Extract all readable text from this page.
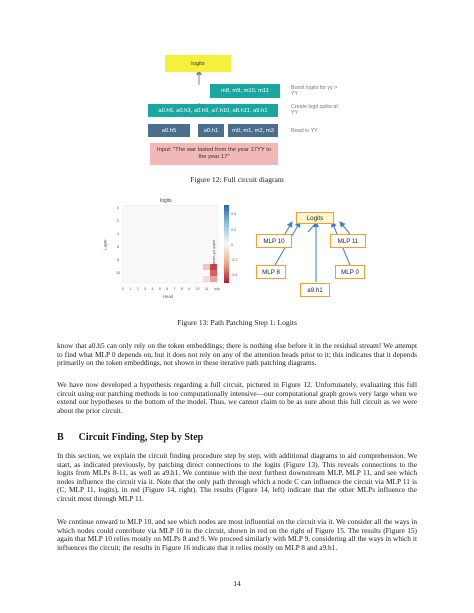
logits
m8, m9, m10, m11
a0.h5, a0.h3, a0.h9, a7.h10, a8.h11, a9.h1
a0.h5	a0.h1	m0, m1, m2, m3
Input: "The war lasted from the year 17YY to the year 17"
Boost logits for yy > YY
Create logit spike at YY
Read in YY
Figure 12: Full circuit diagram
logits
Layer
0
2
4
6
8
10
0 1 2 3 4 5 6 7 8 9 10 11 mlp
Head
0.4
0.2
0
-0.2
-0.4
patch diff variation
Logits
MLP 10	MLP 11
MLP 8	MLP 0
a9.h1
Figure 13: Path Patching Step 1: Logits

know that a0.h5 can only rely on the token embeddings; there is nothing else before it in the residual stream! We attempt to find what MLP 0 depends on, but it does not rely on any of the attention heads prior to it; this indicates that it depends primarily on the token embeddings, not shown in these iterative path patching diagrams.

We have now developed a hypothesis regarding a full circuit, pictured in Figure 12. Unfortunately, evaluating this full circuit using our patching methods is too computationally intensive—our computational graph grows very large when we extend our hypotheses to the bottom of the model. Thus, we cannot claim to be as sure about this full circuit as we were about the prior circuit.

B Circuit Finding, Step by Step

In this section, we explain the circuit finding procedure step by step, with additional diagrams to aid comprehension. We start, as indicated previously, by patching direct connections to the logits (Figure 13). This reveals connections to the logits from MLPs 8-11, as well as a9.h1. We continue with the next furthest downstream MLP, MLP 11, and see which nodes influence the circuit via it. Note that the only path through which a node C can influence the circuit via MLP 11 is (C, MLP 11, logits), in red (Figure 14, right). The results (Figure 14, left) indicate that the other MLPs influence the circuit most through MLP 11.

We continue onward to MLP 10, and see which nodes are most influential on the circuit via it. We consider all the ways in which nodes could contribute via MLP 10 to the circuit, shown in red on the right of Figure 15. The results (Figure 15) again that MLP 10 relies mostly on MLPs 8 and 9. We proceed similarly with MLP 9, considering all the ways in which it influences the circuit; the results in Figure 16 indicate that it relies mostly on MLP 8 and a9.h1.

14
